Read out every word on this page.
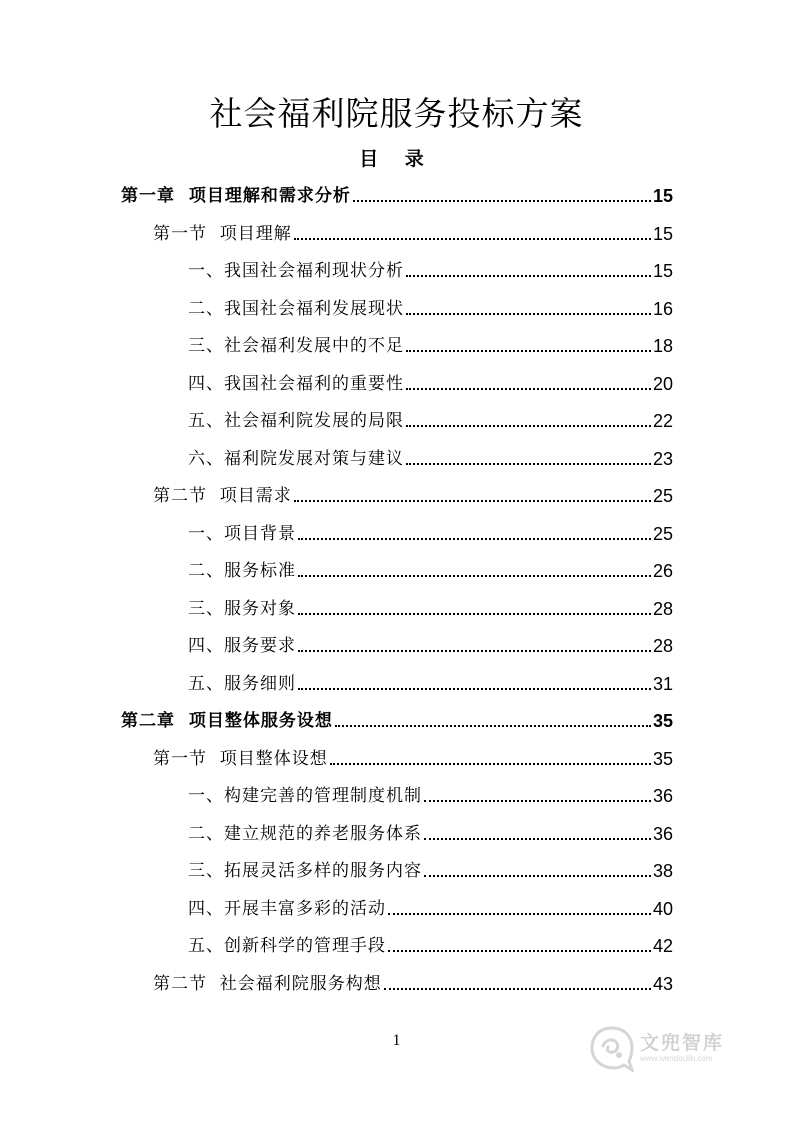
社会福利院服务投标方案
目 录
第一章  项目理解和需求分析	15
第一节  项目理解	15
一、我国社会福利现状分析	15
二、我国社会福利发展现状	16
三、社会福利发展中的不足	18
四、我国社会福利的重要性	20
五、社会福利院发展的局限	22
六、福利院发展对策与建议	23
第二节  项目需求	25
一、项目背景	25
二、服务标准	26
三、服务对象	28
四、服务要求	28
五、服务细则	31
第二章  项目整体服务设想	35
第一节  项目整体设想	35
一、构建完善的管理制度机制	36
二、建立规范的养老服务体系	36
三、拓展灵活多样的服务内容	38
四、开展丰富多彩的活动	40
五、创新科学的管理手段	42
第二节  社会福利院服务构想	43
1	文兜智库
www.wendoulib.com
